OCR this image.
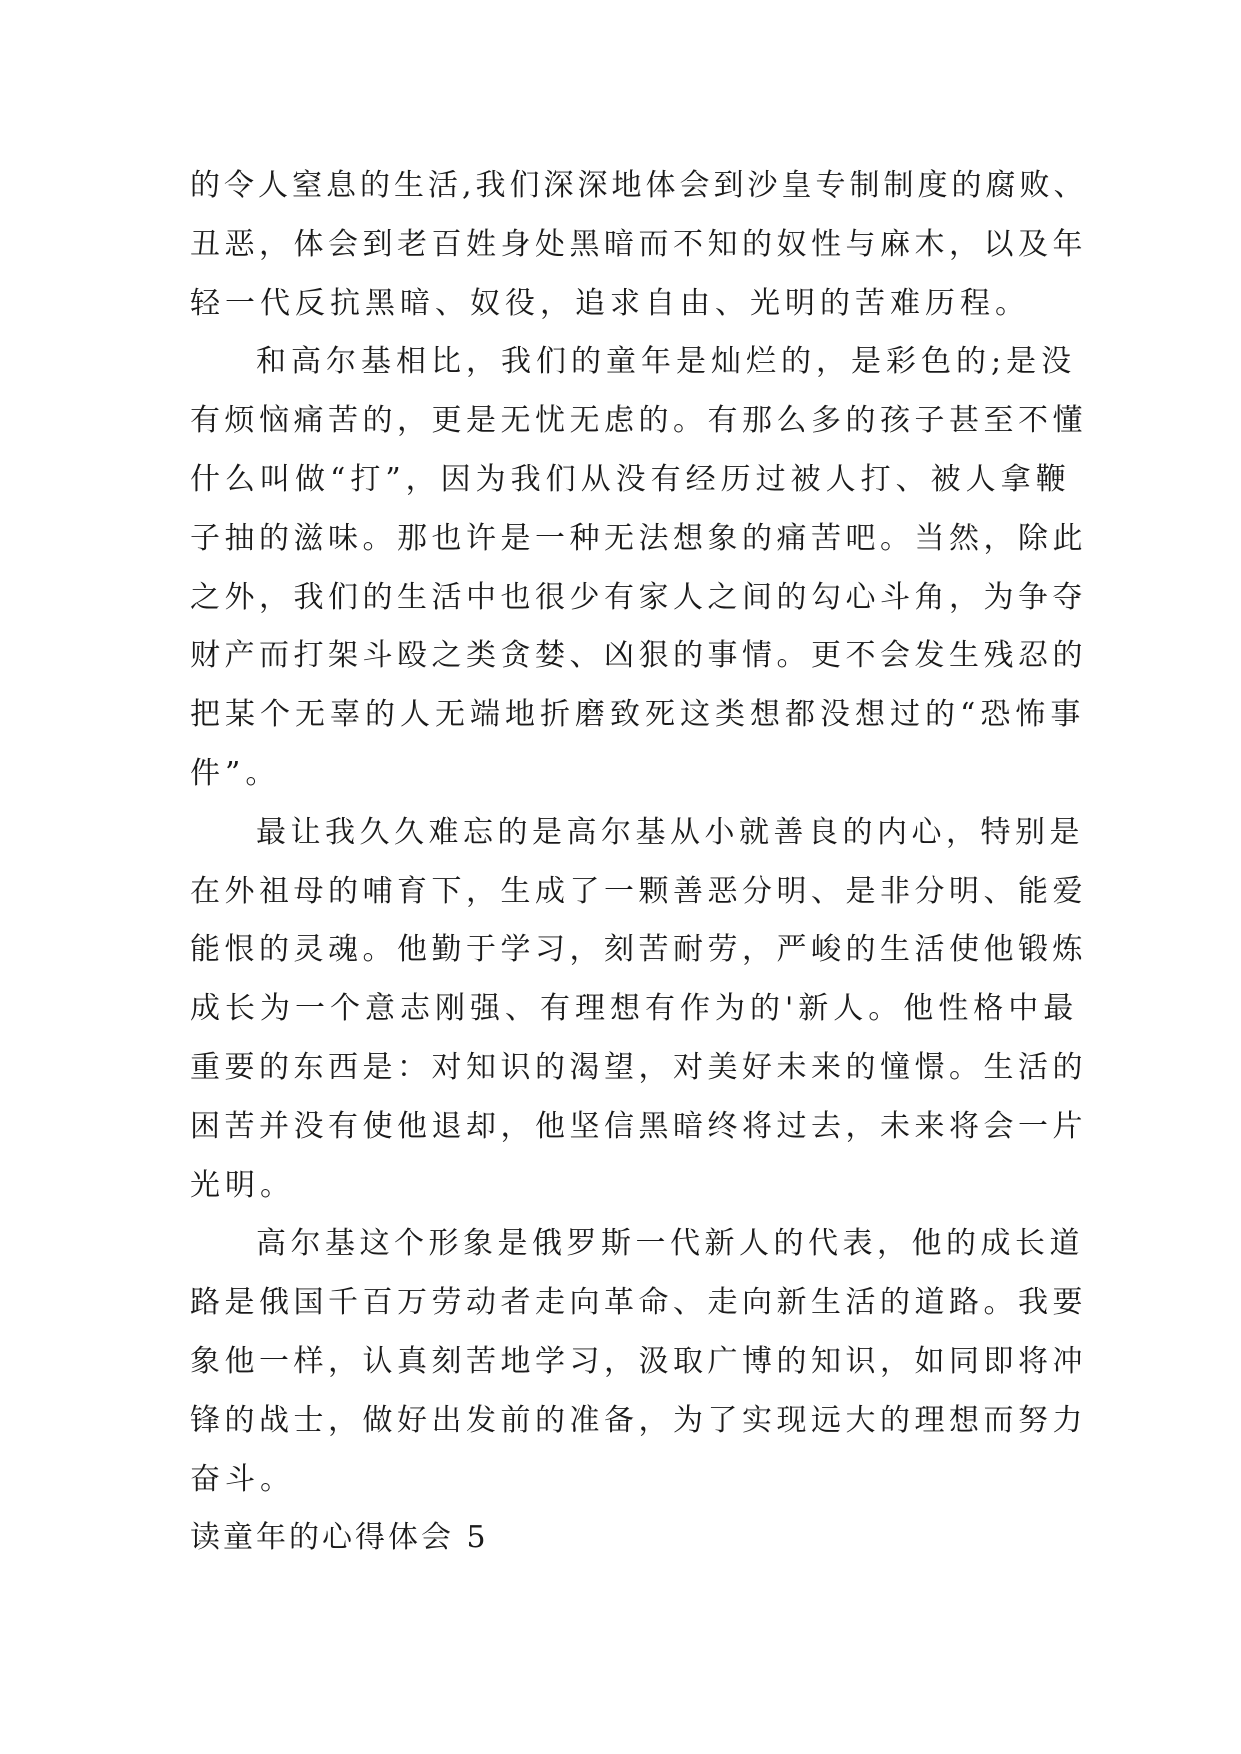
的令人窒息的生活,我们深深地体会到沙皇专制制度的腐败、
丑恶，体会到老百姓身处黑暗而不知的奴性与麻木，以及年
轻一代反抗黑暗、奴役，追求自由、光明的苦难历程。
和高尔基相比，我们的童年是灿烂的，是彩色的;是没
有烦恼痛苦的，更是无忧无虑的。有那么多的孩子甚至不懂
什么叫做“打”，因为我们从没有经历过被人打、被人拿鞭
子抽的滋味。那也许是一种无法想象的痛苦吧。当然，除此
之外，我们的生活中也很少有家人之间的勾心斗角，为争夺
财产而打架斗殴之类贪婪、凶狠的事情。更不会发生残忍的
把某个无辜的人无端地折磨致死这类想都没想过的“恐怖事
件”。
最让我久久难忘的是高尔基从小就善良的内心，特别是
在外祖母的哺育下，生成了一颗善恶分明、是非分明、能爱
能恨的灵魂。他勤于学习，刻苦耐劳，严峻的生活使他锻炼
成长为一个意志刚强、有理想有作为的'新人。他性格中最
重要的东西是：对知识的渴望，对美好未来的憧憬。生活的
困苦并没有使他退却，他坚信黑暗终将过去，未来将会一片
光明。
高尔基这个形象是俄罗斯一代新人的代表，他的成长道
路是俄国千百万劳动者走向革命、走向新生活的道路。我要
象他一样，认真刻苦地学习，汲取广博的知识，如同即将冲
锋的战士，做好出发前的准备，为了实现远大的理想而努力
奋斗。
读童年的心得体会 5
